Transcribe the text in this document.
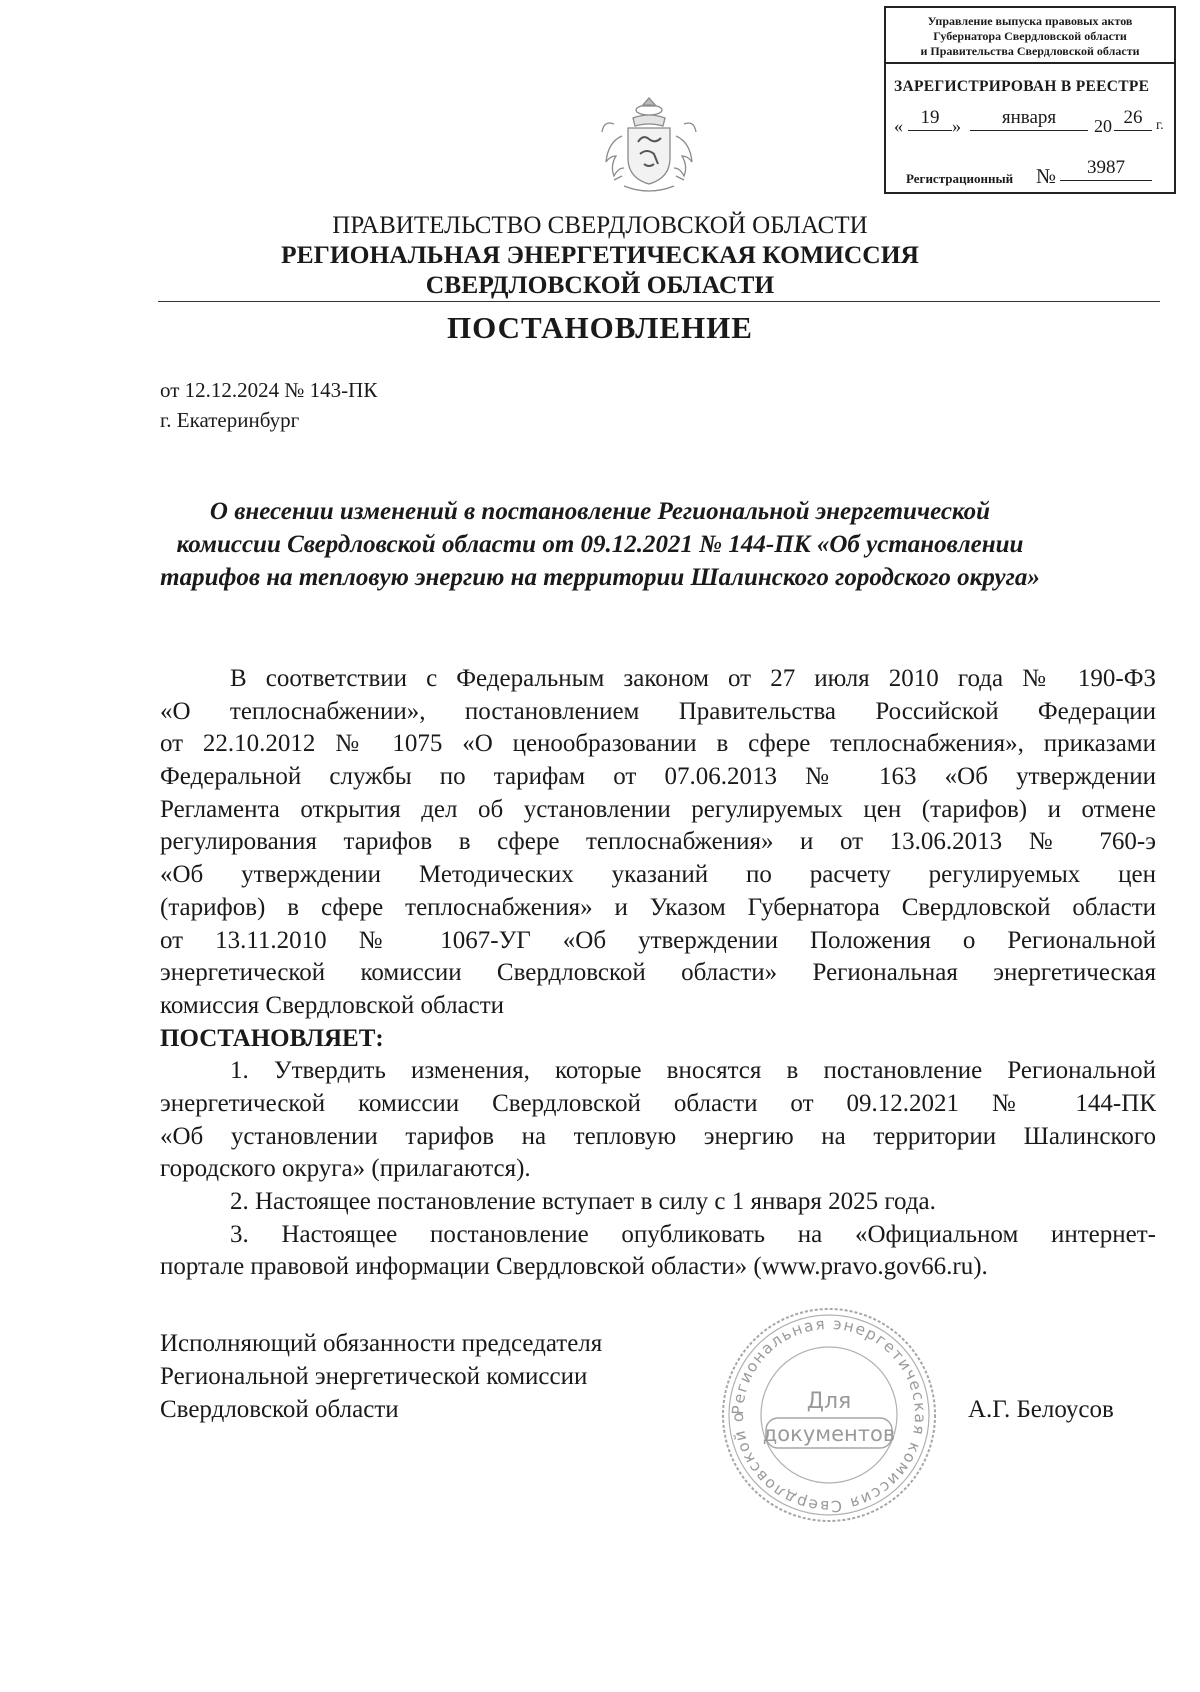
Управление выпуска правовых актов
Губернатора Свердловской области
и Правительства Свердловской области
ЗАРЕГИСТРИРОВАН В РЕЕСТРЕ
« 19 »	января	20 26 г.
Регистрационный №	3987
ПРАВИТЕЛЬСТВО СВЕРДЛОВСКОЙ ОБЛАСТИ
РЕГИОНАЛЬНАЯ ЭНЕРГЕТИЧЕСКАЯ КОМИССИЯ
СВЕРДЛОВСКОЙ ОБЛАСТИ
ПОСТАНОВЛЕНИЕ
от 12.12.2024 № 143-ПК
г. Екатеринбург
О внесении изменений в постановление Региональной энергетической
комиссии Свердловской области от 09.12.2021 № 144-ПК «Об установлении
тарифов на тепловую энергию на территории Шалинского городского округа»
В соответствии с Федеральным законом от 27 июля 2010 года № 190-ФЗ
«О теплоснабжении», постановлением Правительства Российской Федерации
от 22.10.2012 № 1075 «О ценообразовании в сфере теплоснабжения», приказами
Федеральной службы по тарифам от 07.06.2013 № 163 «Об утверждении
Регламента открытия дел об установлении регулируемых цен (тарифов) и отмене
регулирования тарифов в сфере теплоснабжения» и от 13.06.2013 № 760-э
«Об утверждении Методических указаний по расчету регулируемых цен
(тарифов) в сфере теплоснабжения» и Указом Губернатора Свердловской области
от 13.11.2010 № 1067-УГ «Об утверждении Положения о Региональной
энергетической комиссии Свердловской области» Региональная энергетическая
комиссия Свердловской области
ПОСТАНОВЛЯЕТ:
1. Утвердить изменения, которые вносятся в постановление Региональной
энергетической комиссии Свердловской области от 09.12.2021 № 144-ПК
«Об установлении тарифов на тепловую энергию на территории Шалинского
городского округа» (прилагаются).
2. Настоящее постановление вступает в силу с 1 января 2025 года.
3. Настоящее постановление опубликовать на «Официальном интернет-
портале правовой информации Свердловской области» (www.pravo.gov66.ru).
Исполняющий обязанности председателя
Региональной энергетической комиссии
Свердловской области	А.Г. Белоусов
Региональная энергетическая комиссия Свердловской о
Для
документов
